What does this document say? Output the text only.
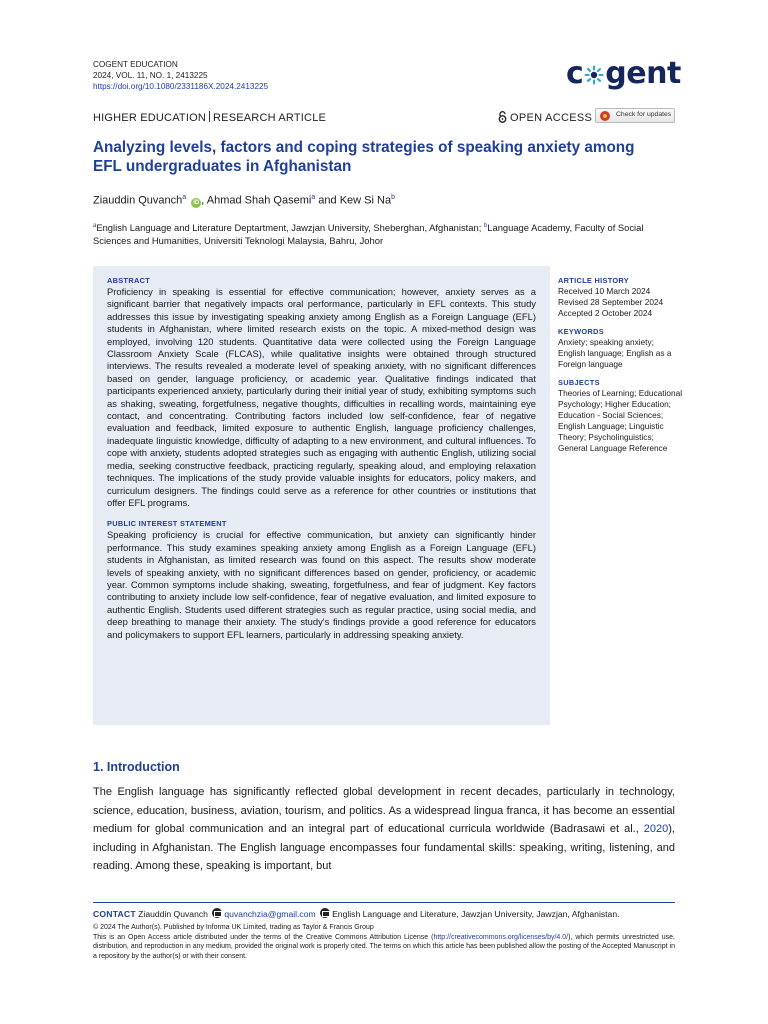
COGENT EDUCATION
2024, VOL. 11, NO. 1, 2413225
https://doi.org/10.1080/2331186X.2024.2413225	c gent
HIGHER EDUCATION RESEARCH ARTICLE	OPEN ACCESS	Check for updates
Analyzing levels, factors and coping strategies of speaking anxiety among EFL undergraduates in Afghanistan
Ziauddin Quvanch$^a$ iD , Ahmad Shah Qasemi$^a$ and Kew Si Na$^b$
$^a$English Language and Literature Deptartment, Jawzjan University, Sheberghan, Afghanistan; $^b$Language Academy, Faculty of Social Sciences and Humanities, Universiti Teknologi Malaysia, Bahru, Johor
ABSTRACT

Proficiency in speaking is essential for effective communication; however, anxiety serves as a significant barrier that negatively impacts oral performance, particularly in EFL contexts. This study addresses this issue by investigating speaking anxiety among English as a Foreign Language (EFL) students in Afghanistan, where limited research exists on the topic. A mixed-method design was employed, involving 120 students. Quantitative data were collected using the Foreign Language Classroom Anxiety Scale (FLCAS), while qualitative insights were obtained through structured interviews. The results revealed a moderate level of speaking anxiety, with no significant differences based on gender, language proficiency, or academic year. Qualitative findings indicated that participants experienced anxiety, particularly during their initial year of study, exhibiting symptoms such as shaking, sweating, forgetfulness, negative thoughts, difficulties in recalling words, maintaining eye contact, and concentrating. Contributing factors included low self-confidence, fear of negative evaluation and feedback, limited exposure to authentic English, language proficiency challenges, inadequate linguistic knowledge, difficulty of adapting to a new environment, and cultural influences. To cope with anxiety, students adopted strategies such as engaging with authentic English, utilizing social media, seeking constructive feedback, practicing regularly, speaking aloud, and employing relaxation techniques. The implications of the study provide valuable insights for educators, policy makers, and curriculum designers. The findings could serve as a reference for other countries or institutions that offer EFL programs.

PUBLIC INTEREST STATEMENT

Speaking proficiency is crucial for effective communication, but anxiety can significantly hinder performance. This study examines speaking anxiety among English as a Foreign Language (EFL) students in Afghanistan, as limited research was found on this aspect. The results show moderate levels of speaking anxiety, with no significant differences based on gender, proficiency, or academic year. Common symptoms include shaking, sweating, forgetfulness, and fear of judgment. Key factors contributing to anxiety include low self-confidence, fear of negative evaluation, and limited exposure to authentic English. Students used different strategies such as regular practice, using social media, and deep breathing to manage their anxiety. The study's findings provide a good reference for educators and policymakers to support EFL learners, particularly in addressing speaking anxiety.

ARTICLE HISTORY
Received 10 March 2024
Revised 28 September 2024
Accepted 2 October 2024
KEYWORDS
Anxiety; speaking anxiety; English language; English as a Foreign language
SUBJECTS
Theories of Learning; Educational Psychology; Higher Education; Education - Social Sciences; English Language; Linguistic Theory; Psycholinguistics; General Language Reference
1. Introduction

The English language has significantly reflected global development in recent decades, particularly in technology, science, education, business, aviation, tourism, and politics. As a widespread lingua franca, it has become an essential medium for global communication and an integral part of educational curricula worldwide (Badrasawi et al., 2020), including in Afghanistan. The English language encompasses four fundamental skills: speaking, writing, listening, and reading. Among these, speaking is important, but

CONTACT Ziauddin Quvanch quvanchzia@gmail.com English Language and Literature, Jawzjan University, Jawzjan, Afghanistan.
© 2024 The Author(s). Published by Informa UK Limited, trading as Taylor & Francis Group
This is an Open Access article distributed under the terms of the Creative Commons Attribution License (http://creativecommons.org/licenses/by/4.0/), which permits unrestricted use, distribution, and reproduction in any medium, provided the original work is properly cited. The terms on which this article has been published allow the posting of the Accepted Manuscript in a repository by the author(s) or with their consent.
